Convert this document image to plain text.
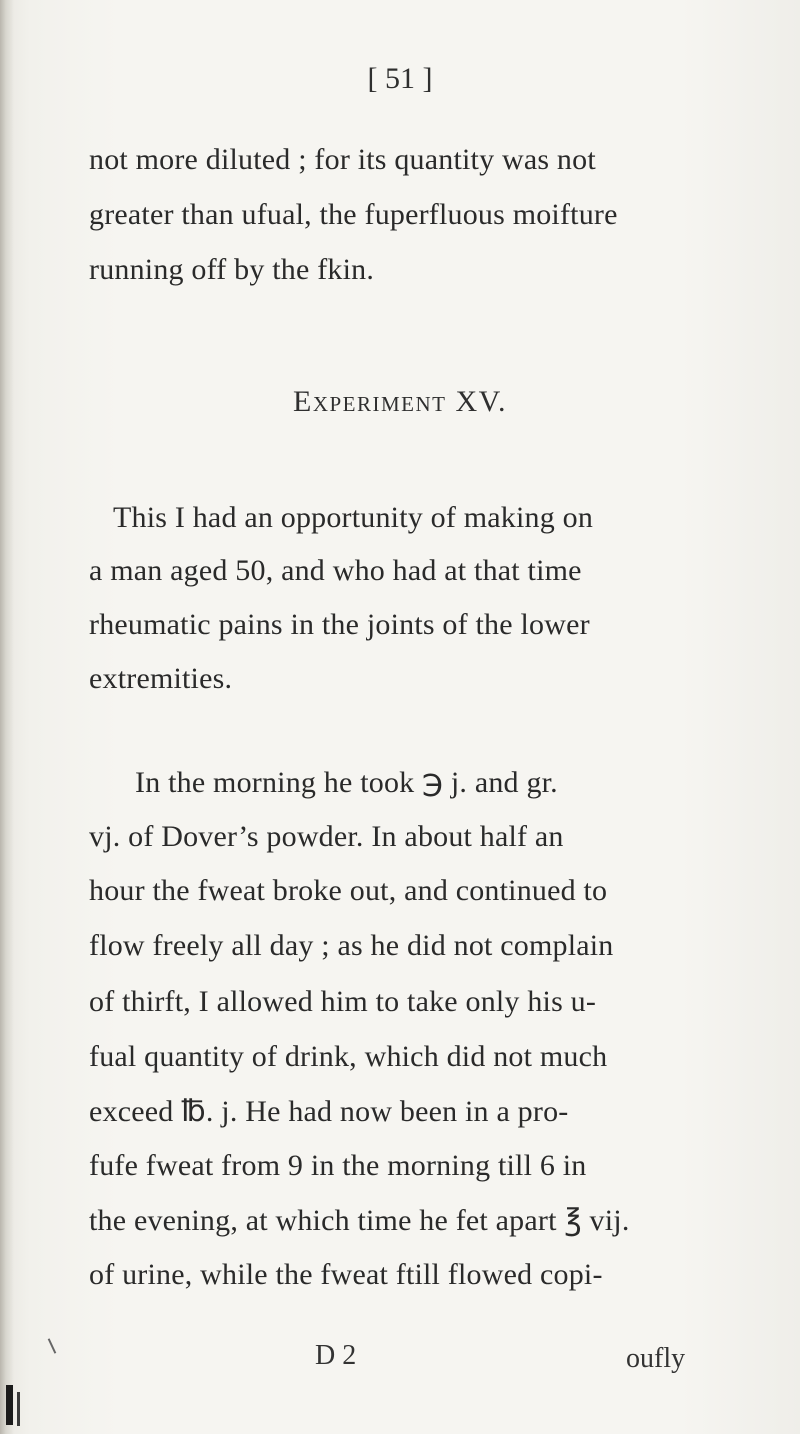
[ 51 ]
not more diluted ; for its quantity was not
greater than ufual, the fuperfluous moifture
running off by the fkin.
Experiment XV.
This I had an opportunity of making on
a man aged 50, and who had at that time
rheumatic pains in the joints of the lower
extremities.
In the morning he took ℈ j. and gr.
vj. of Dover’s powder. In about half an
hour the fweat broke out, and continued to
flow freely all day ; as he did not complain
of thirft, I allowed him to take only his u-
fual quantity of drink, which did not much
exceed ℔. j. He had now been in a pro-
fufe fweat from 9 in the morning till 6 in
the evening, at which time he fet apart ℥ vij.
of urine, while the fweat ftill flowed copi-
D 2	oufly
